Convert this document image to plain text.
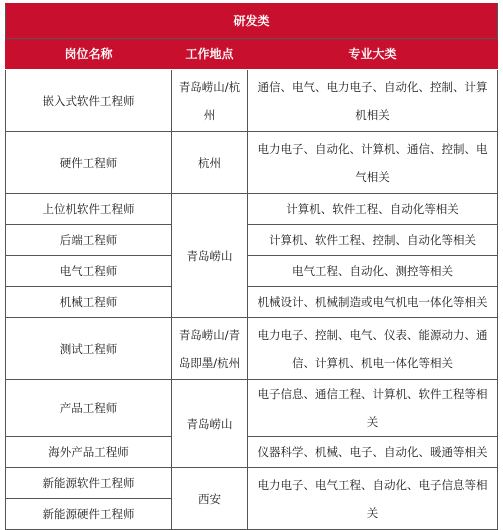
研发类		
岗位名称	工作地点	专业大类
嵌入式软件工程师	青岛崂山/杭州	通信、电气、电力电子、自动化、控制、计算机相关
硬件工程师	杭州	电力电子、自动化、计算机、通信、控制、电气相关
上位机软件工程师	青岛崂山	计算机、软件工程、自动化等相关
后端工程师		计算机、软件工程、控制、自动化等相关
电气工程师		电气工程、自动化、测控等相关
机械工程师		机械设计、机械制造或电气机电一体化等相关
测试工程师	青岛崂山/青岛即墨/杭州	电力电子、控制、电气、仪表、能源动力、通信、计算机、机电一体化等相关
产品工程师	青岛崂山	电子信息、通信工程、计算机、软件工程等相关
海外产品工程师		仪器科学、机械、电子、自动化、暖通等相关
新能源软件工程师	西安	电力电子、电气工程、自动化、电子信息等相关
新能源硬件工程师		
